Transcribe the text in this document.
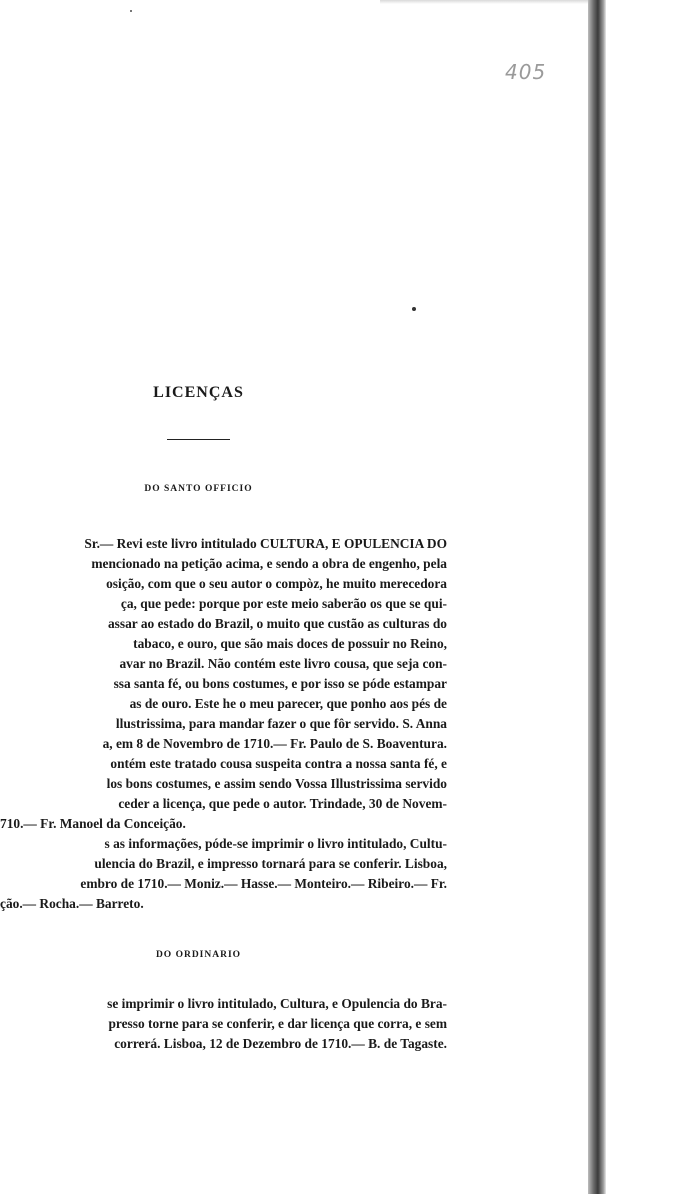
405
LICENÇAS
DO SANTO OFFICIO
Sr.— Revi este livro intitulado CULTURA, E OPULENCIA DO
mencionado na petição acima, e sendo a obra de engenho, pela
osição, com que o seu autor o compòz, he muito merecedora
ça, que pede: porque por este meio saberão os que se qui-
assar ao estado do Brazil, o muito que custão as culturas do
tabaco, e ouro, que são mais doces de possuir no Reino,
avar no Brazil. Não contém este livro cousa, que seja con-
ssa santa fé, ou bons costumes, e por isso se póde estampar
as de ouro. Este he o meu parecer, que ponho aos pés de
llustrissima, para mandar fazer o que fôr servido. S. Anna
a, em 8 de Novembro de 1710.— Fr. Paulo de S. Boaventura.
ontém este tratado cousa suspeita contra a nossa santa fé, e
los bons costumes, e assim sendo Vossa Illustrissima servido
ceder a licença, que pede o autor. Trindade, 30 de Novem-
710.— Fr. Manoel da Conceição.
s as informações, póde-se imprimir o livro intitulado, Cultu-
ulencia do Brazil, e impresso tornará para se conferir. Lisboa,
embro de 1710.— Moniz.— Hasse.— Monteiro.— Ribeiro.— Fr.
ção.— Rocha.— Barreto.
DO ORDINARIO
se imprimir o livro intitulado, Cultura, e Opulencia do Bra-
presso torne para se conferir, e dar licença que corra, e sem
correrá. Lisboa, 12 de Dezembro de 1710.— B. de Tagaste.
